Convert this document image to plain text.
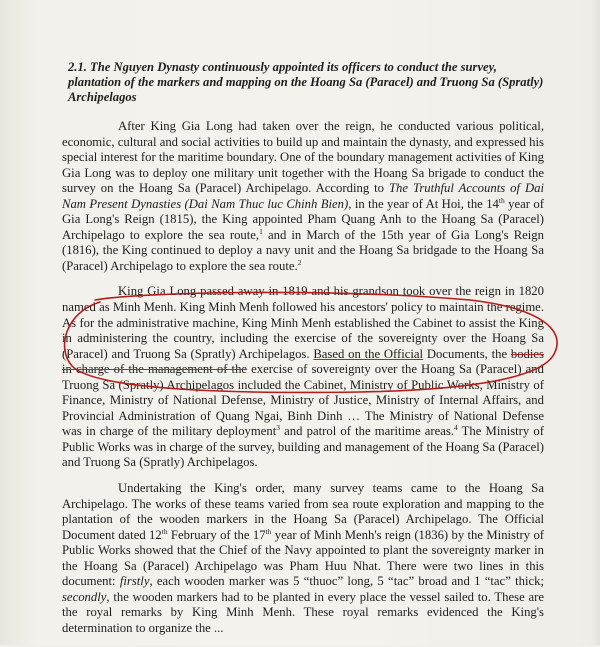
2.1. The Nguyen Dynasty continuously appointed its officers to conduct the survey, plantation of the markers and mapping on the Hoang Sa (Paracel) and Truong Sa (Spratly) Archipelagos

After King Gia Long had taken over the reign, he conducted various political, economic, cultural and social activities to build up and maintain the dynasty, and expressed his special interest for the maritime boundary. One of the boundary management activities of King Gia Long was to deploy one military unit together with the Hoang Sa brigade to conduct the survey on the Hoang Sa (Paracel) Archipelago. According to The Truthful Accounts of Dai Nam Present Dynasties (Dai Nam Thuc luc Chinh Bien), in the year of At Hoi, the 14th year of Gia Long's Reign (1815), the King appointed Pham Quang Anh to the Hoang Sa (Paracel) Archipelago to explore the sea route,$^1$ and in March of the 15th year of Gia Long's Reign (1816), the King continued to deploy a navy unit and the Hoang Sa bridgade to the Hoang Sa (Paracel) Archipelago to explore the sea route.$^2$

King Gia Long passed away in 1819 and his grandson took over the reign in 1820 named as Minh Menh. King Minh Menh followed his ancestors' policy to maintain the regime. As for the administrative machine, King Minh Menh established the Cabinet to assist the King in administering the country, including the exercise of the sovereignty over the Hoang Sa (Paracel) and Truong Sa (Spratly) Archipelagos. Based on the Official Documents, the bodies in charge of the management of the exercise of sovereignty over the Hoang Sa (Paracel) and Truong Sa (Spratly) Archipelagos included the Cabinet, Ministry of Public Works, Ministry of Finance, Ministry of National Defense, Ministry of Justice, Ministry of Internal Affairs, and Provincial Administration of Quang Ngai, Binh Dinh … The Ministry of National Defense was in charge of the military deployment$^3$ and patrol of the maritime areas.$^4$ The Ministry of Public Works was in charge of the survey, building and management of the Hoang Sa (Paracel) and Truong Sa (Spratly) Archipelagos.

Undertaking the King's order, many survey teams came to the Hoang Sa Archipelago. The works of these teams varied from sea route exploration and mapping to the plantation of the wooden markers in the Hoang Sa (Paracel) Archipelago. The Official Document dated 12th February of the 17th year of Minh Menh's reign (1836) by the Ministry of Public Works showed that the Chief of the Navy appointed to plant the sovereignty marker in the Hoang Sa (Paracel) Archipelago was Pham Huu Nhat. There were two lines in this document: firstly, each wooden marker was 5 “thuoc” long, 5 “tac” broad and 1 “tac” thick; secondly, the wooden markers had to be planted in every place the vessel sailed to. These are the royal remarks by King Minh Menh. These royal remarks evidenced the King's determination to organize the ...
